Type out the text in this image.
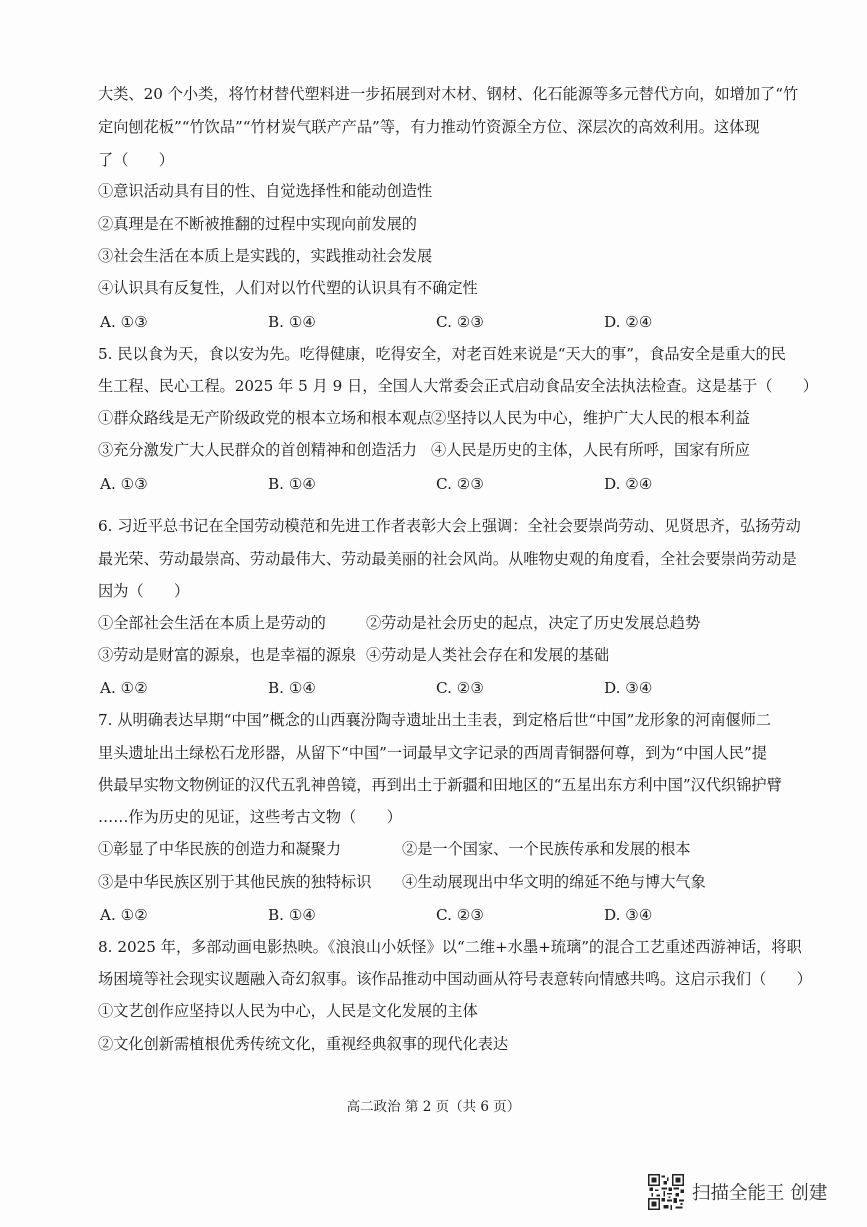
大类、20 个小类，将竹材替代塑料进一步拓展到对木材、钢材、化石能源等多元替代方向，如增加了“竹
定向刨花板”“竹饮品”“竹材炭气联产产品”等，有力推动竹资源全方位、深层次的高效利用。这体现
了（　　）
①意识活动具有目的性、自觉选择性和能动创造性
②真理是在不断被推翻的过程中实现向前发展的
③社会生活在本质上是实践的，实践推动社会发展
④认识具有反复性，人们对以竹代塑的认识具有不确定性
A. ①③	B. ①④	C. ②③	D. ②④
5. 民以食为天，食以安为先。吃得健康，吃得安全，对老百姓来说是“天大的事”，食品安全是重大的民
生工程、民心工程。2025 年 5 月 9 日，全国人大常委会正式启动食品安全法执法检查。这是基于（　　）
①群众路线是无产阶级政党的根本立场和根本观点
②坚持以人民为中心，维护广大人民的根本利益
③充分激发广大人民群众的首创精神和创造活力 ④人民是历史的主体，人民有所呼，国家有所应
A. ①③	B. ①④	C. ②③	D. ②④
6. 习近平总书记在全国劳动模范和先进工作者表彰大会上强调：全社会要崇尚劳动、见贤思齐，弘扬劳动
最光荣、劳动最崇高、劳动最伟大、劳动最美丽的社会风尚。从唯物史观的角度看，全社会要崇尚劳动是
因为（　　）
①全部社会生活在本质上是劳动的	②劳动是社会历史的起点，决定了历史发展总趋势
③劳动是财富的源泉，也是幸福的源泉 ④劳动是人类社会存在和发展的基础
A. ①②	B. ①④	C. ②③	D. ③④
7. 从明确表达早期“中国”概念的山西襄汾陶寺遗址出土圭表，到定格后世“中国”龙形象的河南偃师二
里头遗址出土绿松石龙形器，从留下“中国”一词最早文字记录的西周青铜器何尊，到为“中国人民”提
供最早实物文物例证的汉代五乳神兽镜，再到出土于新疆和田地区的“五星出东方利中国”汉代织锦护臂
……作为历史的见证，这些考古文物（　　）
①彰显了中华民族的创造力和凝聚力	②是一个国家、一个民族传承和发展的根本
③是中华民族区别于其他民族的独特标识 ④生动展现出中华文明的绵延不绝与博大气象
A. ①②	B. ①④	C. ②③	D. ③④
8. 2025 年，多部动画电影热映。《浪浪山小妖怪》以“二维+水墨+琉璃”的混合工艺重述西游神话，将职
场困境等社会现实议题融入奇幻叙事。该作品推动中国动画从符号表意转向情感共鸣。这启示我们（　　）
①文艺创作应坚持以人民为中心，人民是文化发展的主体
②文化创新需植根优秀传统文化，重视经典叙事的现代化表达
高二政治 第 2 页（共 6 页）
扫描全能王 创建
